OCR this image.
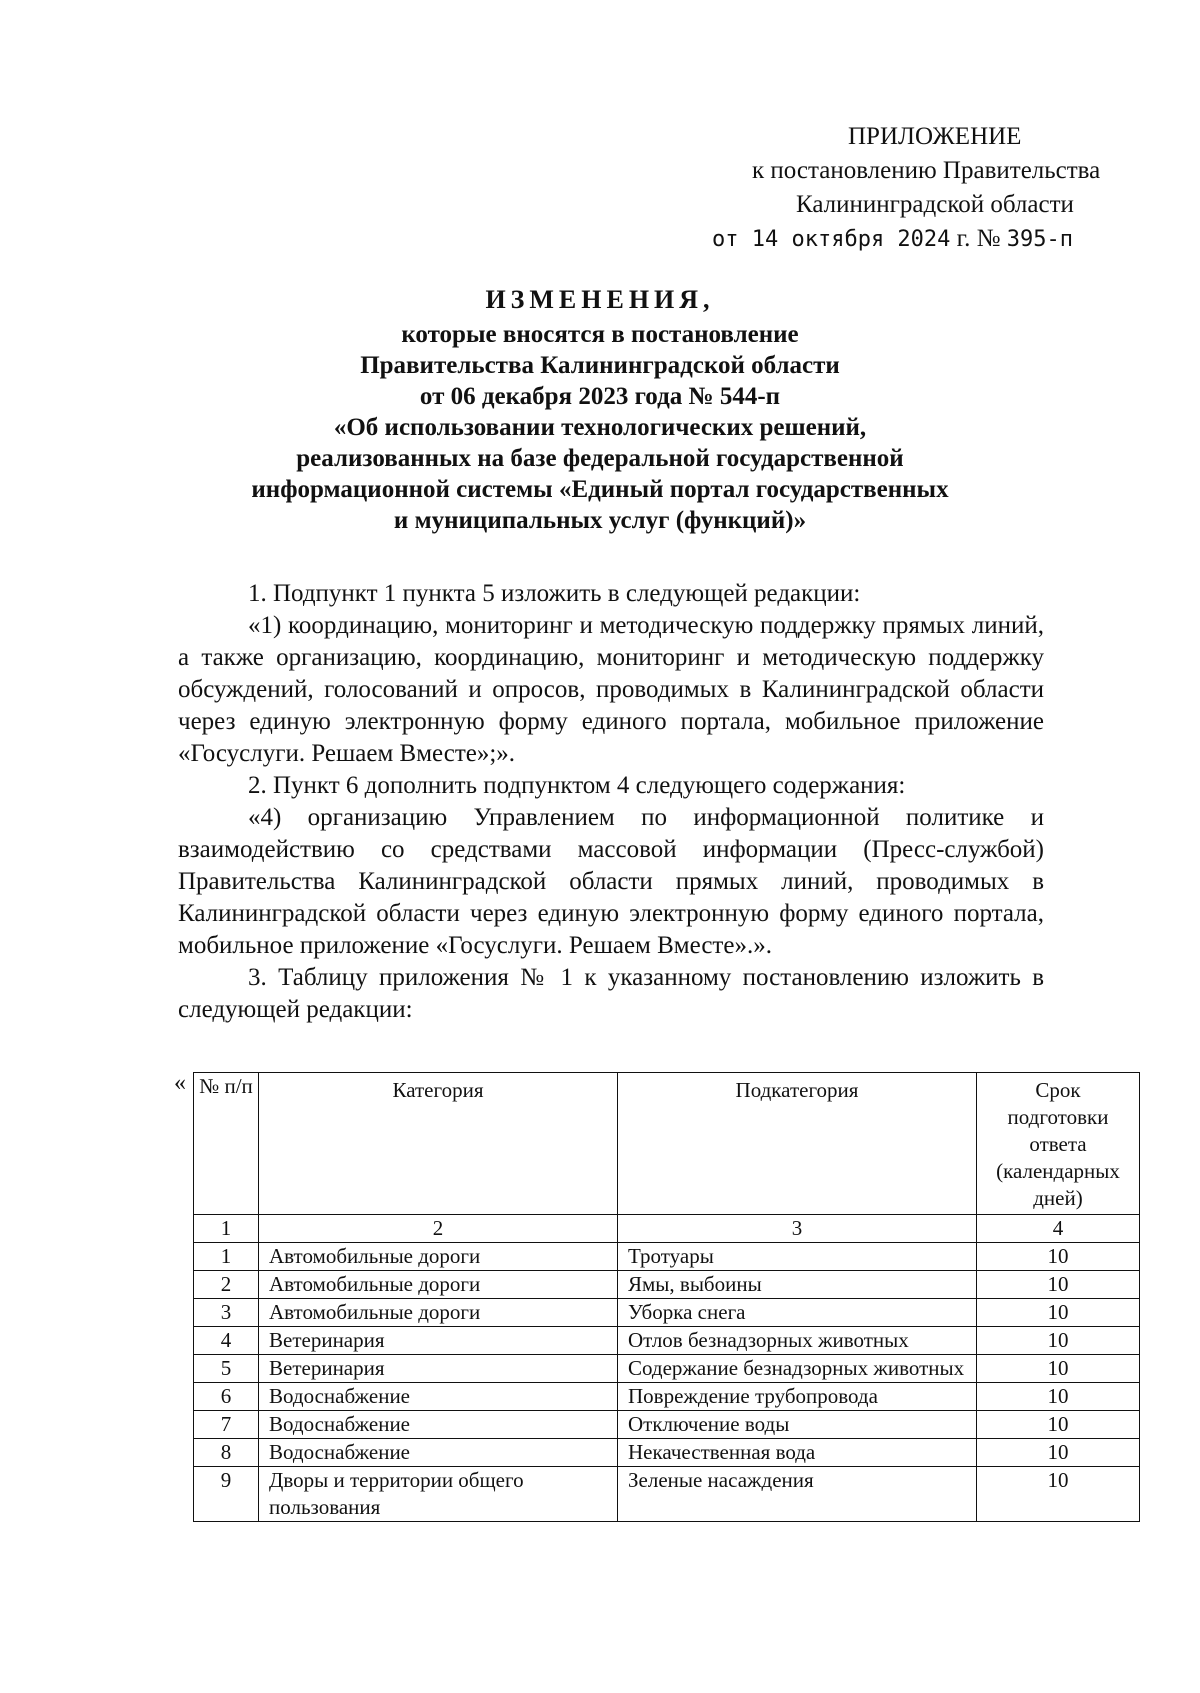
ПРИЛОЖЕНИЕ
к постановлению Правительства
Калининградской области
от 14 октября 2024 г. № 395-п
ИЗМЕНЕНИЯ,
которые вносятся в постановление
Правительства Калининградской области
от 06 декабря 2023 года № 544-п
«Об использовании технологических решений,
реализованных на базе федеральной государственной
информационной системы «Единый портал государственных
и муниципальных услуг (функций)»

1. Подпункт 1 пункта 5 изложить в следующей редакции:

«1) координацию, мониторинг и методическую поддержку прямых линий, а также организацию, координацию, мониторинг и методическую поддержку обсуждений, голосований и опросов, проводимых в Калининградской области через единую электронную форму единого портала, мобильное приложение «Госуслуги. Решаем Вместе»;».

2. Пункт 6 дополнить подпунктом 4 следующего содержания:

«4) организацию Управлением по информационной политике и взаимодействию со средствами массовой информации (Пресс-службой) Правительства Калининградской области прямых линий, проводимых в Калининградской области через единую электронную форму единого портала, мобильное приложение «Госуслуги. Решаем Вместе».».

3. Таблицу приложения № 1 к указанному постановлению изложить в следующей редакции:

« № п/п	Категория	Подкатегория	Срок подготовки ответа (календарных дней)
1	2	3	4
1	Автомобильные дороги	Тротуары	10
2	Автомобильные дороги	Ямы, выбоины	10
3	Автомобильные дороги	Уборка снега	10
4	Ветеринария	Отлов безнадзорных животных	10
5	Ветеринария	Содержание безнадзорных животных	10
6	Водоснабжение	Повреждение трубопровода	10
7	Водоснабжение	Отключение воды	10
8	Водоснабжение	Некачественная вода	10
9	Дворы и территории общего пользования	Зеленые насаждения	10
